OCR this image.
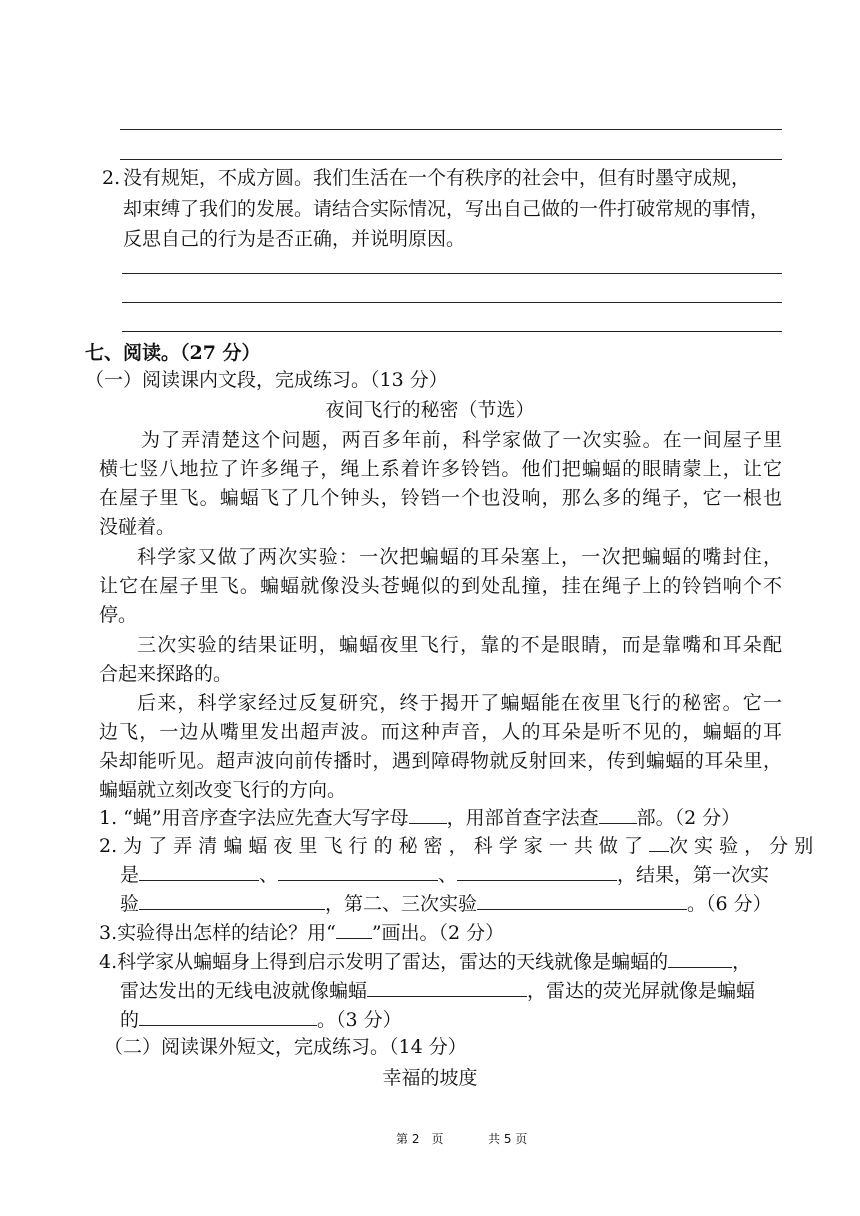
2. 没有规矩，不成方圆。我们生活在一个有秩序的社会中，但有时墨守成规，
却束缚了我们的发展。请结合实际情况，写出自己做的一件打破常规的事情，
反思自己的行为是否正确，并说明原因。
七、阅读。（27 分）
（一）阅读课内文段，完成练习。（13 分）
夜间飞行的秘密（节选）
为了弄清楚这个问题，两百多年前，科学家做了一次实验。在一间屋子里
横七竖八地拉了许多绳子，绳上系着许多铃铛。他们把蝙蝠的眼睛蒙上，让它
在屋子里飞。蝙蝠飞了几个钟头，铃铛一个也没响，那么多的绳子，它一根也
没碰着。
科学家又做了两次实验：一次把蝙蝠的耳朵塞上，一次把蝙蝠的嘴封住，
让它在屋子里飞。蝙蝠就像没头苍蝇似的到处乱撞，挂在绳子上的铃铛响个不
停。
三次实验的结果证明，蝙蝠夜里飞行，靠的不是眼睛，而是靠嘴和耳朵配
合起来探路的。
后来，科学家经过反复研究，终于揭开了蝙蝠能在夜里飞行的秘密。它一
边飞，一边从嘴里发出超声波。而这种声音，人的耳朵是听不见的，蝙蝠的耳
朵却能听见。超声波向前传播时，遇到障碍物就反射回来，传到蝙蝠的耳朵里，
蝙蝠就立刻改变飞行的方向。
1. “蝇”用音序查字法应先查大写字母 ，用部首查字法查 部。（2 分）
2. 为 了 弄 清 蝙 蝠 夜 里 飞 行 的 秘 密 ， 科 学 家 一 共 做 了 次 实 验 ， 分 别
是	、	、	，结果，第一次实
验	，第二、三次实验	。（6 分）
3.实验得出怎样的结论？用“ ”画出。（2 分）
4.科学家从蝙蝠身上得到启示发明了雷达，雷达的天线就像是蝙蝠的	，
雷达发出的无线电波就像蝙蝠	，雷达的荧光屏就像是蝙蝠
的	。（3 分）
（二）阅读课外短文，完成练习。（14 分）
幸福的坡度
第 2　页	共 5 页
